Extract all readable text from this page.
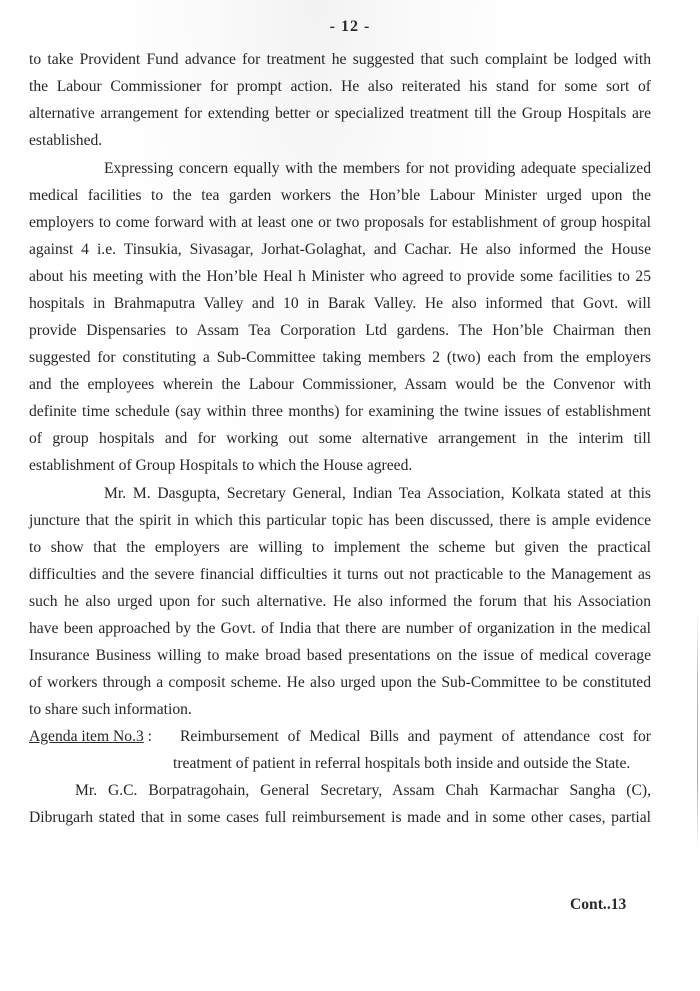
- 12 -
to take Provident Fund advance for treatment he suggested that such complaint be lodged with
the Labour Commissioner for prompt action. He also reiterated his stand for some sort of
alternative arrangement for extending better or specialized treatment till the Group Hospitals are
established.
Expressing concern equally with the members for not providing adequate specialized
medical facilities to the tea garden workers the Hon’ble Labour Minister urged upon the
employers to come forward with at least one or two proposals for establishment of group hospital
against 4 i.e. Tinsukia, Sivasagar, Jorhat-Golaghat, and Cachar. He also informed the House
about his meeting with the Hon’ble Heal h Minister who agreed to provide some facilities to 25
hospitals in Brahmaputra Valley and 10 in Barak Valley. He also informed that Govt. will
provide Dispensaries to Assam Tea Corporation Ltd gardens. The Hon’ble Chairman then
suggested for constituting a Sub-Committee taking members 2 (two) each from the employers
and the employees wherein the Labour Commissioner, Assam would be the Convenor with
definite time schedule (say within three months) for examining the twine issues of establishment
of group hospitals and for working out some alternative arrangement in the interim till
establishment of Group Hospitals to which the House agreed.
Mr. M. Dasgupta, Secretary General, Indian Tea Association, Kolkata stated at this
juncture that the spirit in which this particular topic has been discussed, there is ample evidence
to show that the employers are willing to implement the scheme but given the practical
difficulties and the severe financial difficulties it turns out not practicable to the Management as
such he also urged upon for such alternative. He also informed the forum that his Association
have been approached by the Govt. of India that there are number of organization in the medical
Insurance Business willing to make broad based presentations on the issue of medical coverage
of workers through a composit scheme. He also urged upon the Sub-Committee to be constituted
to share such information.
Agenda item No.3 :	Reimbursement of Medical Bills and payment of attendance cost for
treatment of patient in referral hospitals both inside and outside the State.
Mr. G.C. Borpatragohain, General Secretary, Assam Chah Karmachar Sangha (C),
Dibrugarh stated that in some cases full reimbursement is made and in some other cases, partial
Cont..13
